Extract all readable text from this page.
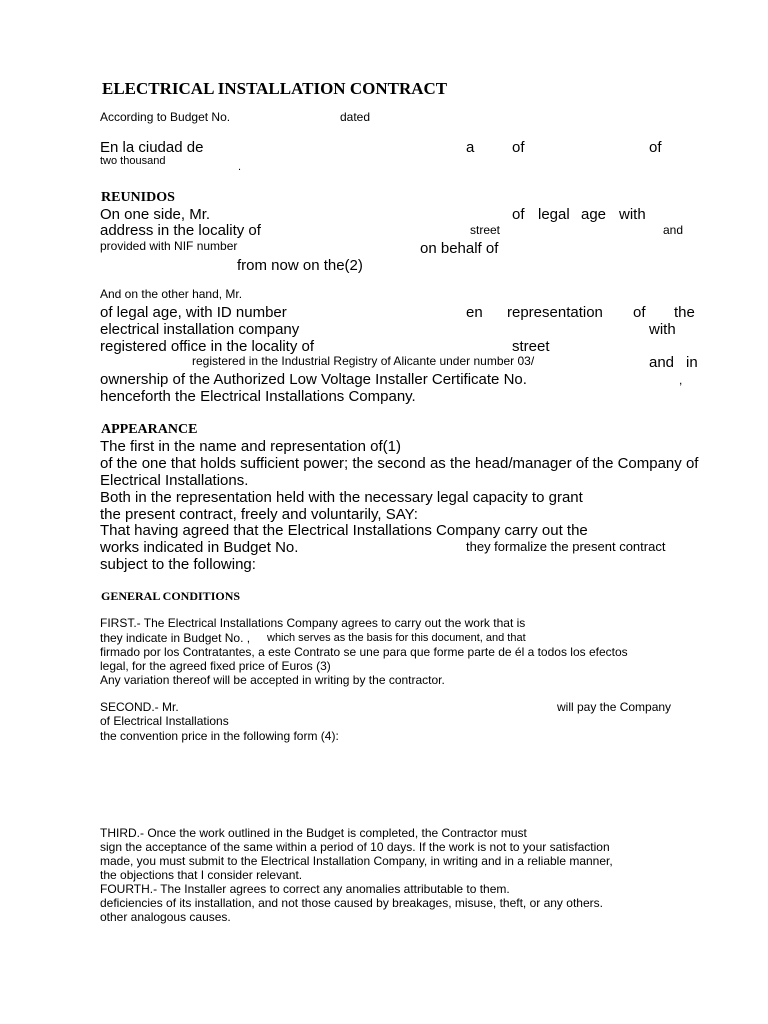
ELECTRICAL INSTALLATION CONTRACT
According to Budget No.	dated
En la ciudad de	a	of	of
two thousand	.
REUNIDOS
On one side, Mr.	of legal age with
address in the locality of	street	and
provided with NIF number	on behalf of
from now on the(2)
And on the other hand, Mr.
of legal age, with ID number	en representation of the
electrical installation company	with
registered office in the locality of	street
registered in the Industrial Registry of Alicante under number 03/	and in
ownership of the Authorized Low Voltage Installer Certificate No.	,
henceforth the Electrical Installations Company.
APPEARANCE
The first in the name and representation of(1)
of the one that holds sufficient power; the second as the head/manager of the Company of
Electrical Installations.
Both in the representation held with the necessary legal capacity to grant
the present contract, freely and voluntarily, SAY:
That having agreed that the Electrical Installations Company carry out the
works indicated in Budget No.	they formalize the present contract
subject to the following:
GENERAL CONDITIONS
FIRST.- The Electrical Installations Company agrees to carry out the work that is
they indicate in Budget No. , which serves as the basis for this document, and that
firmado por los Contratantes, a este Contrato se une para que forme parte de él a todos los efectos
legal, for the agreed fixed price of Euros (3)
Any variation thereof will be accepted in writing by the contractor.
SECOND.- Mr.	will pay the Company
of Electrical Installations
the convention price in the following form (4):
THIRD.- Once the work outlined in the Budget is completed, the Contractor must
sign the acceptance of the same within a period of 10 days. If the work is not to your satisfaction
made, you must submit to the Electrical Installation Company, in writing and in a reliable manner,
the objections that I consider relevant.
FOURTH.- The Installer agrees to correct any anomalies attributable to them.
deficiencies of its installation, and not those caused by breakages, misuse, theft, or any others.
other analogous causes.
